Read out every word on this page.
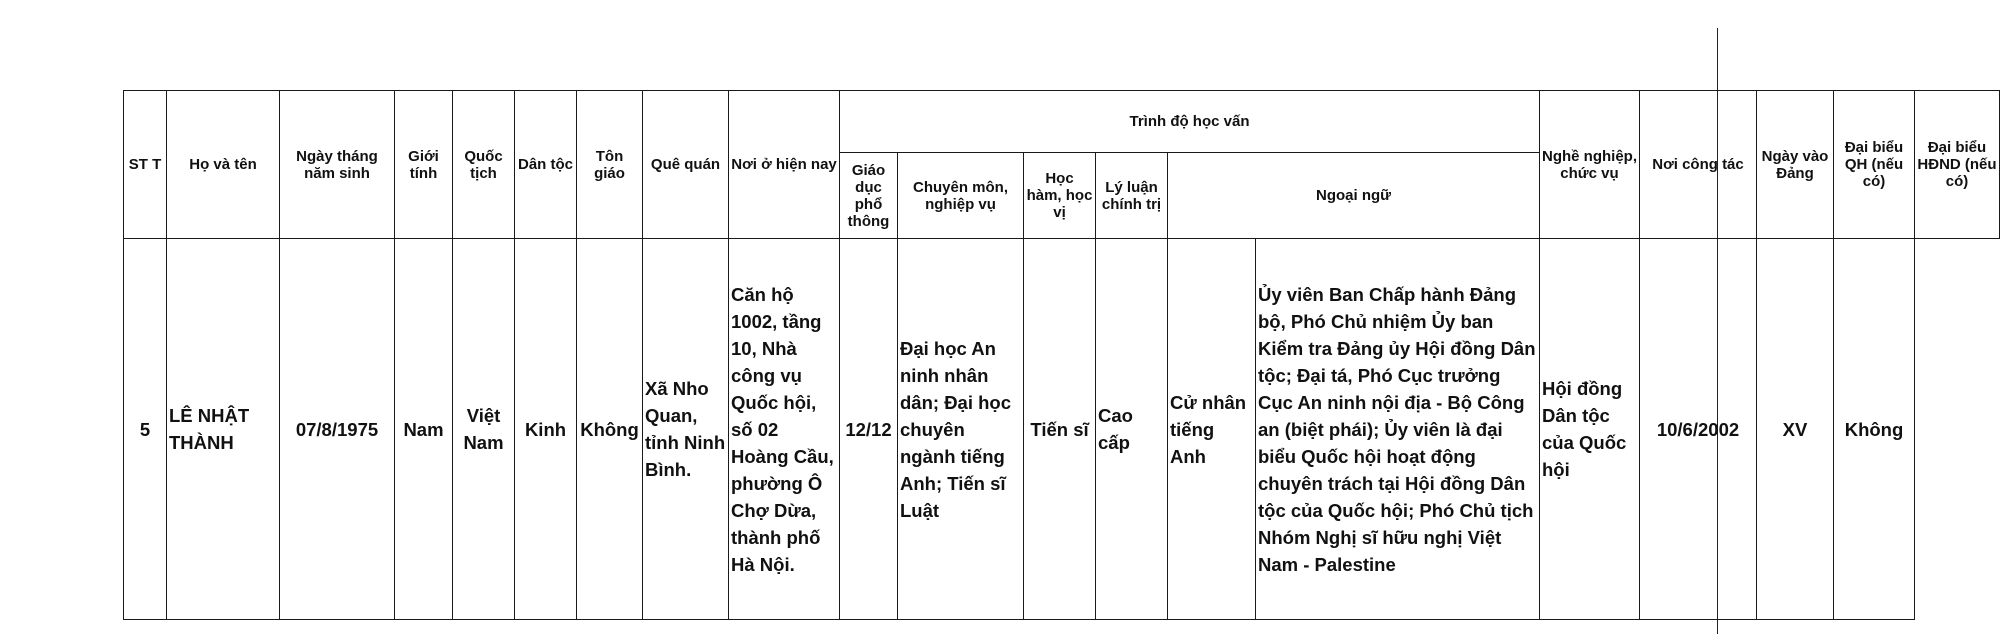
ST T	Họ và tên	Ngày tháng năm sinh	Giới tính	Quốc tịch	Dân tộc	Tôn giáo	Quê quán	Nơi ở hiện nay	Trình độ học vấn						Nghề nghiệp, chức vụ	Nơi công tác	Ngày vào Đảng	Đại biểu QH (nếu có)	Đại biểu HĐND (nếu có)
									Giáo dục phổ thông	Chuyên môn, nghiệp vụ	Học hàm, học vị	Lý luận chính trị	Ngoại ngữ						
5	LÊ NHẬT THÀNH	07/8/1975	Nam	Việt Nam	Kinh	Không	Xã Nho Quan, tỉnh Ninh Bình.	Căn hộ 1002, tầng 10, Nhà công vụ Quốc hội, số 02 Hoàng Cầu, phường Ô Chợ Dừa, thành phố Hà Nội.	12/12	Đại học An ninh nhân dân; Đại học chuyên ngành tiếng Anh; Tiến sĩ Luật	Tiến sĩ	Cao cấp	Cử nhân tiếng Anh	Ủy viên Ban Chấp hành Đảng bộ, Phó Chủ nhiệm Ủy ban Kiểm tra Đảng ủy Hội đồng Dân tộc; Đại tá, Phó Cục trưởng Cục An ninh nội địa - Bộ Công an (biệt phái); Ủy viên là đại biểu Quốc hội hoạt động chuyên trách tại Hội đồng Dân tộc của Quốc hội; Phó Chủ tịch Nhóm Nghị sĩ hữu nghị Việt Nam - Palestine	Hội đồng Dân tộc của Quốc hội	10/6/2002	XV	Không	
